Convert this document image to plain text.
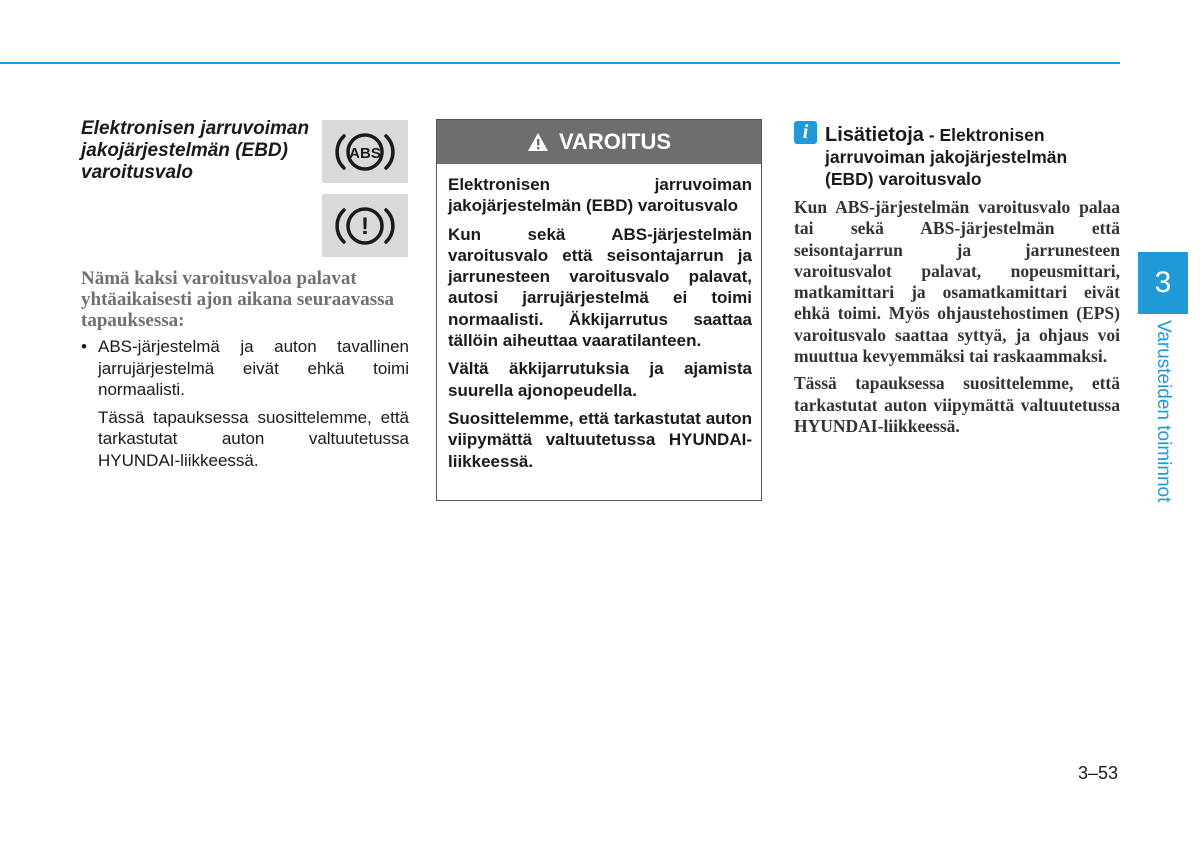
Elektronisen jarruvoiman jakojärjestelmän (EBD) varoitusvalo
ABS
!

Nämä kaksi varoitusvaloa palavat yhtäaikaisesti ajon aikana seuraavassa tapauksessa:

• ABS-järjestelmä ja auton tavallinen jarrujärjestelmä eivät ehkä toimi normaalisti.

Tässä tapauksessa suosittelemme, että tarkastutat auton valtuutetussa HYUNDAI-liikkeessä.

VAROITUS

Elektronisen jarruvoiman jakojärjestelmän (EBD) varoitusvalo

Kun sekä ABS-järjestelmän varoitusvalo että seisontajarrun ja jarrunesteen varoitusvalo palavat, autosi jarrujärjestelmä ei toimi normaalisti. Äkkijarrutus saattaa tällöin aiheuttaa vaaratilanteen.

Vältä äkkijarrutuksia ja ajamista suurella ajonopeudella.

Suosittelemme, että tarkastutat auton viipymättä valtuutetussa HYUNDAI-liikkeessä.

i Lisätietoja - Elektronisen jarruvoiman jakojärjestelmän (EBD) varoitusvalo

Kun ABS-järjestelmän varoitusvalo palaa tai sekä ABS-järjestelmän että seisontajarrun ja jarrunesteen varoitusvalot palavat, nopeusmittari, matkamittari ja osamatkamittari eivät ehkä toimi. Myös ohjaustehostimen (EPS) varoitusvalo saattaa syttyä, ja ohjaus voi muuttua kevyemmäksi tai raskaammaksi.

Tässä tapauksessa suosittelemme, että tarkastutat auton viipymättä valtuutetussa HYUNDAI-liikkeessä.

3
Varusteiden toiminnot
3–53
